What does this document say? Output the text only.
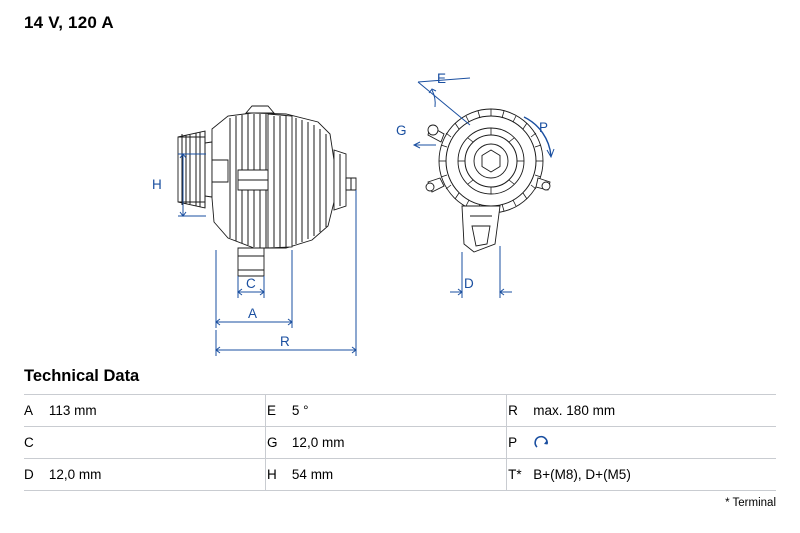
14 V, 120 A
H
C
A
R
E
G	P
D
Technical Data
A	113 mm		E	5 °		R	max. 180 mm
C			G	12,0 mm		P	
D	12,0 mm		H	54 mm		T*	B+(M8), D+(M5)
* Terminal
